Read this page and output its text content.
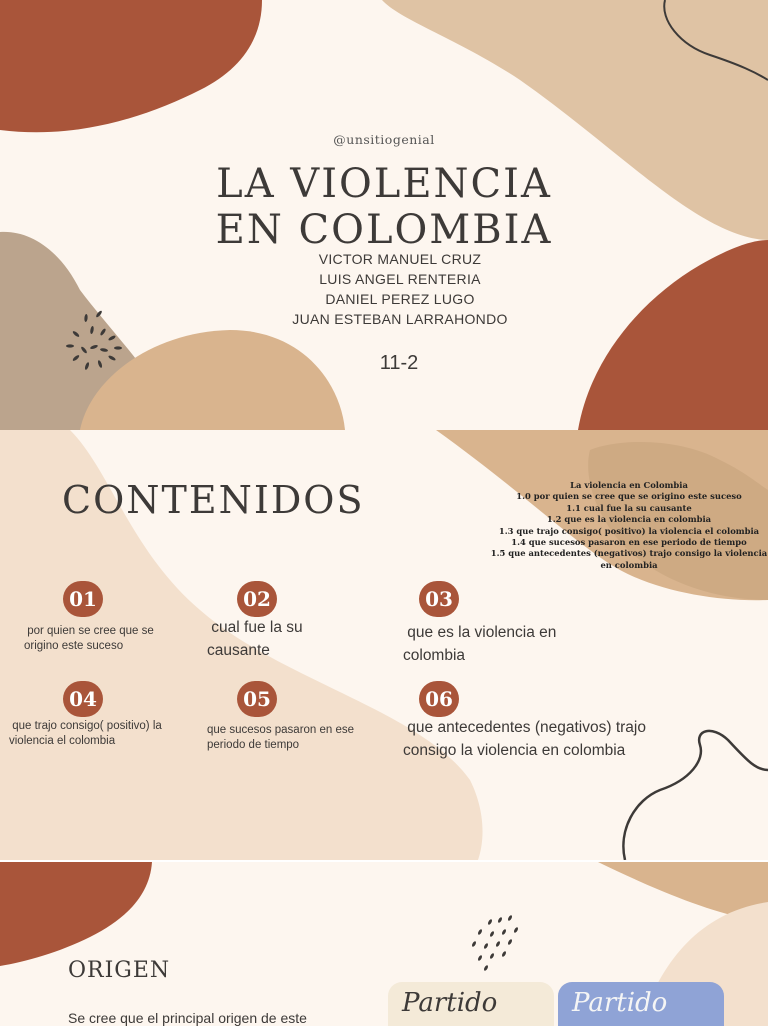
@unsitiogenial
LA VIOLENCIA
EN COLOMBIA
VICTOR MANUEL CRUZ
LUIS ANGEL RENTERIA
DANIEL PEREZ LUGO
JUAN ESTEBAN LARRAHONDO
11-2
CONTENIDOS	La violencia en Colombia
1.0 por quien se cree que se origino este suceso
1.1 cual fue la su causante
1.2 que es la violencia en colombia
1.3 que trajo consigo( positivo) la violencia el colombia
1.4 que sucesos pasaron en ese periodo de tiempo
1.5 que antecedentes (negativos) trajo consigo la violencia
en colombia
01
por quien se cree que se
origino este suceso
02
cual fue la su
causante
03
que es la violencia en
colombia
04
que trajo consigo( positivo) la
violencia el colombia
05
que sucesos pasaron en ese
periodo de tiempo
06
que antecedentes (negativos) trajo
consigo la violencia en colombia
ORIGEN
Se cree que el principal origen de este	Partido	Partido
